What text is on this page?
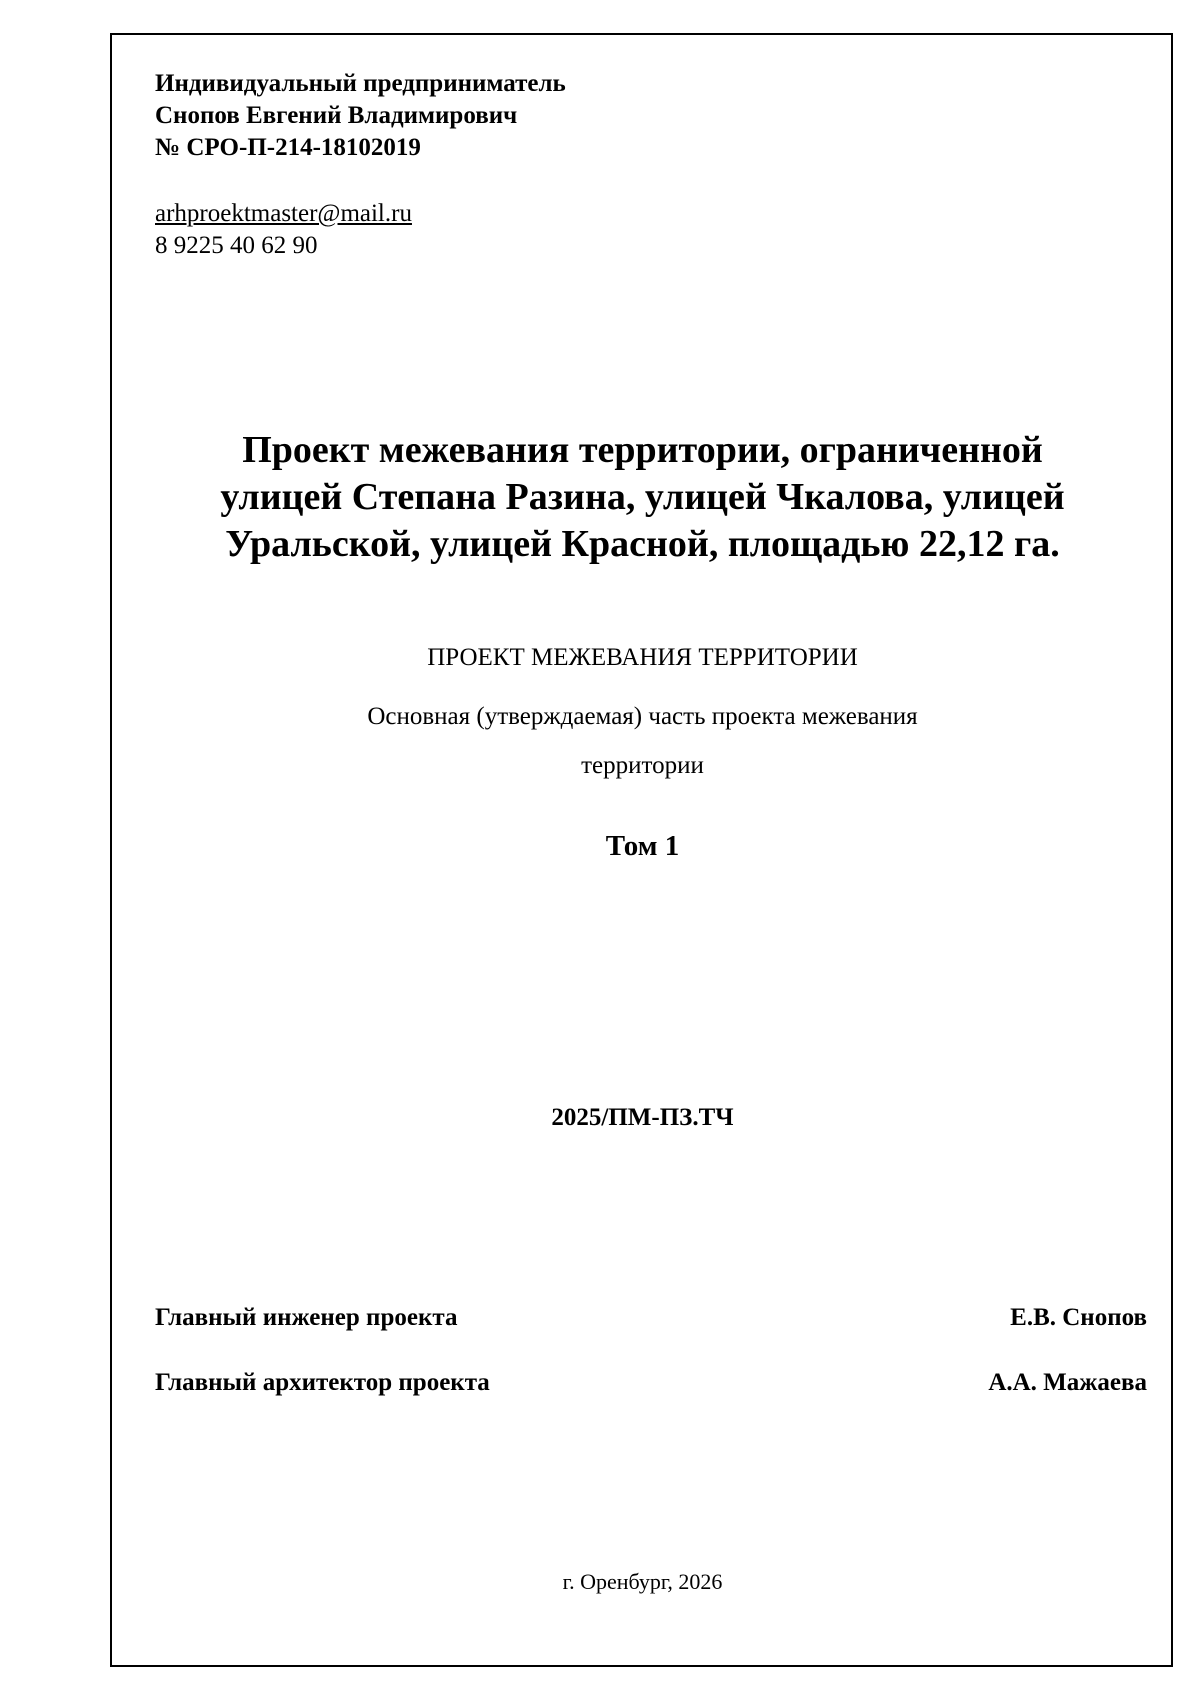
Индивидуальный предприниматель
Снопов Евгений Владимирович
№ СРО-П-214-18102019
arhproektmaster@mail.ru
8 9225 40 62 90
Проект межевания территории, ограниченной
улицей Степана Разина, улицей Чкалова, улицей
Уральской, улицей Красной, площадью 22,12 га.
ПРОЕКТ МЕЖЕВАНИЯ ТЕРРИТОРИИ
Основная (утверждаемая) часть проекта межевания
территории
Том 1
2025/ПМ-ПЗ.ТЧ
Главный инженер проекта	Е.В. Снопов
Главный архитектор проекта	А.А. Мажаева
г. Оренбург, 2026
